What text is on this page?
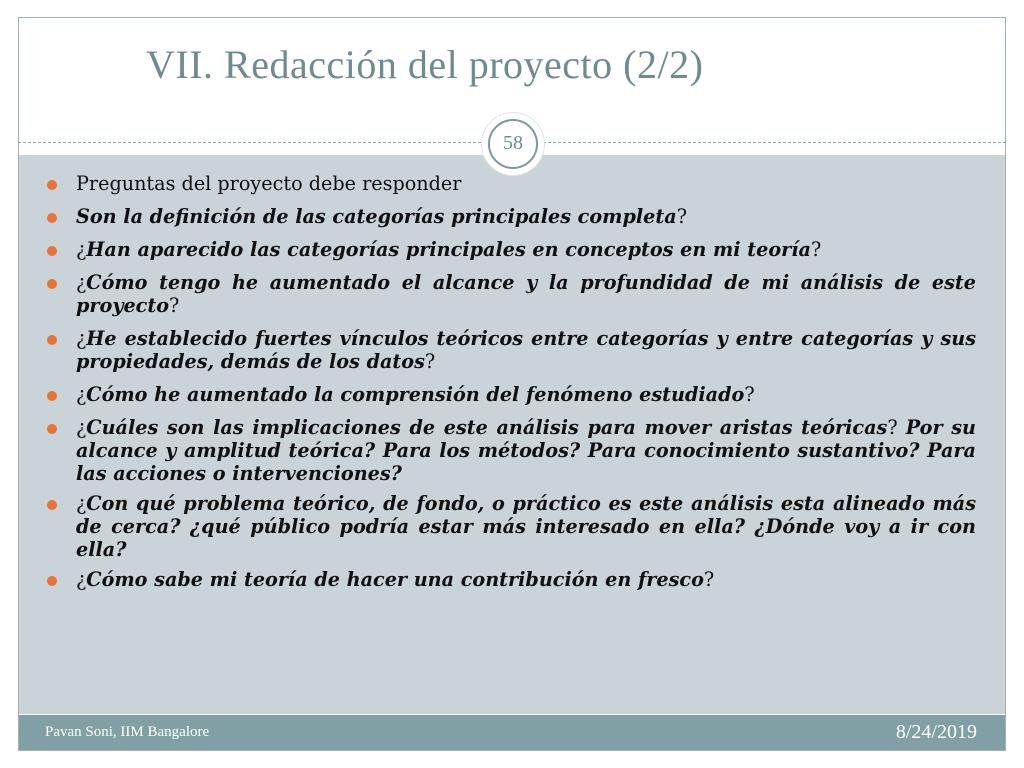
VII. Redacción del proyecto (2/2)
58
Preguntas del proyecto debe responder
Son la definición de las categorías principales completa?
¿Han aparecido las categorías principales en conceptos en mi teoría?
¿Cómo tengo he aumentado el alcance y la profundidad de mi análisis de este proyecto?
¿He establecido fuertes vínculos teóricos entre categorías y entre categorías y sus propiedades, demás de los datos?
¿Cómo he aumentado la comprensión del fenómeno estudiado?
¿Cuáles son las implicaciones de este análisis para mover aristas teóricas? Por su alcance y amplitud teórica? Para los métodos? Para conocimiento sustantivo? Para las acciones o intervenciones?
¿Con qué problema teórico, de fondo, o práctico es este análisis esta alineado más de cerca? ¿qué público podría estar más interesado en ella? ¿Dónde voy a ir con ella?
¿Cómo sabe mi teoría de hacer una contribución en fresco?
Pavan Soni, IIM Bangalore	8/24/2019
